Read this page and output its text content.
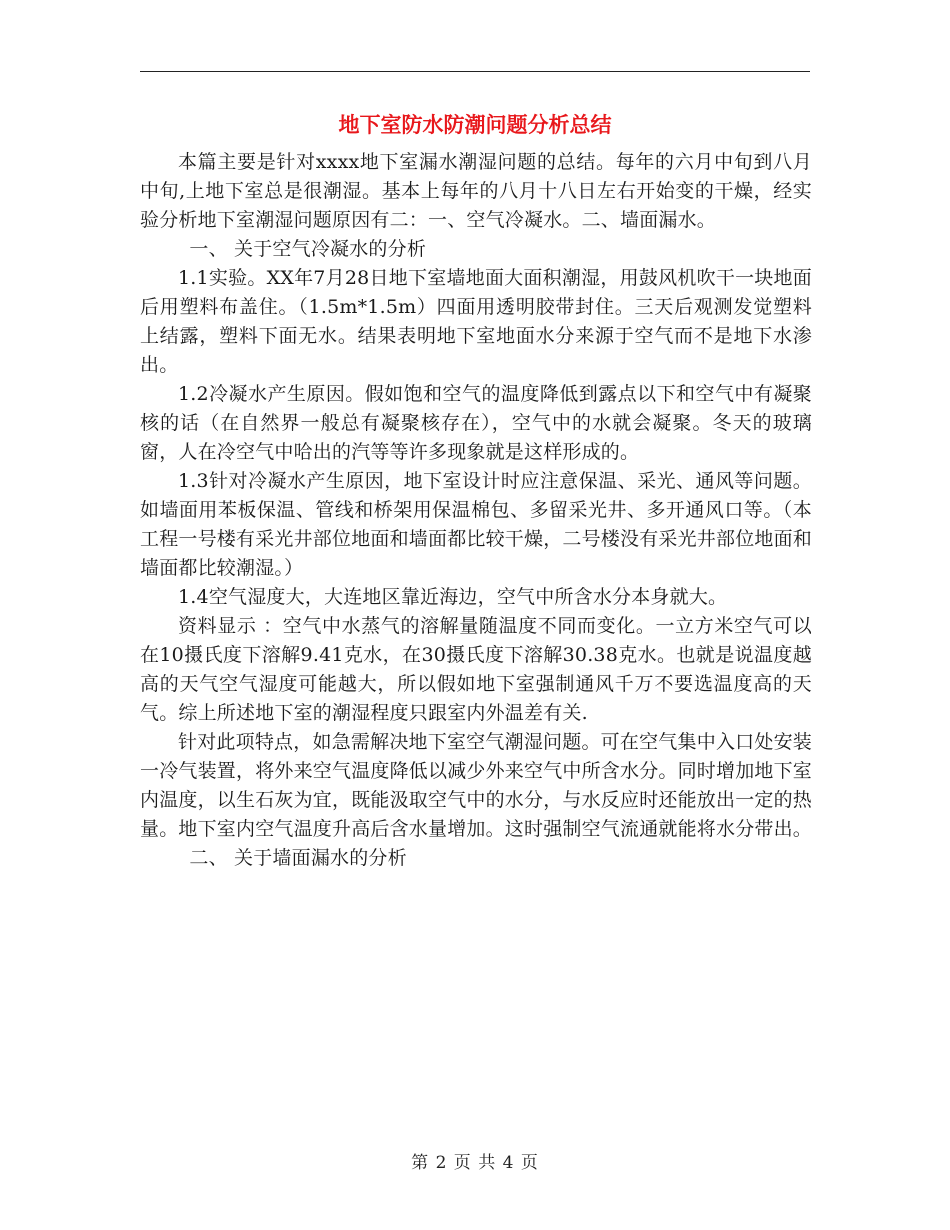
地下室防水防潮问题分析总结

本篇主要是针对xxxx地下室漏水潮湿问题的总结。每年的六月中旬到八月中旬,上地下室总是很潮湿。基本上每年的八月十八日左右开始变的干燥，经实验分析地下室潮湿问题原因有二：一、空气冷凝水。二、墙面漏水。

一、 关于空气冷凝水的分析

1.1实验。XX年7月28日地下室墙地面大面积潮湿，用鼓风机吹干一块地面后用塑料布盖住。（1.5m*1.5m）四面用透明胶带封住。三天后观测发觉塑料上结露，塑料下面无水。结果表明地下室地面水分来源于空气而不是地下水渗出。

1.2冷凝水产生原因。假如饱和空气的温度降低到露点以下和空气中有凝聚核的话（在自然界一般总有凝聚核存在），空气中的水就会凝聚。冬天的玻璃窗，人在冷空气中哈出的汽等等许多现象就是这样形成的。

1.3针对冷凝水产生原因，地下室设计时应注意保温、采光、通风等问题。如墙面用苯板保温、管线和桥架用保温棉包、多留采光井、多开通风口等。（本工程一号楼有采光井部位地面和墙面都比较干燥，二号楼没有采光井部位地面和墙面都比较潮湿。）

1.4空气湿度大，大连地区靠近海边，空气中所含水分本身就大。

资料显示 ：空气中水蒸气的溶解量随温度不同而变化。一立方米空气可以在10摄氏度下溶解9.41克水，在30摄氏度下溶解30.38克水。也就是说温度越高的天气空气湿度可能越大，所以假如地下室强制通风千万不要选温度高的天气。综上所述地下室的潮湿程度只跟室内外温差有关.

针对此项特点，如急需解决地下室空气潮湿问题。可在空气集中入口处安装一冷气装置，将外来空气温度降低以减少外来空气中所含水分。同时增加地下室内温度，以生石灰为宜，既能汲取空气中的水分，与水反应时还能放出一定的热量。地下室内空气温度升高后含水量增加。这时强制空气流通就能将水分带出。

二、 关于墙面漏水的分析

第 2 页 共 4 页
